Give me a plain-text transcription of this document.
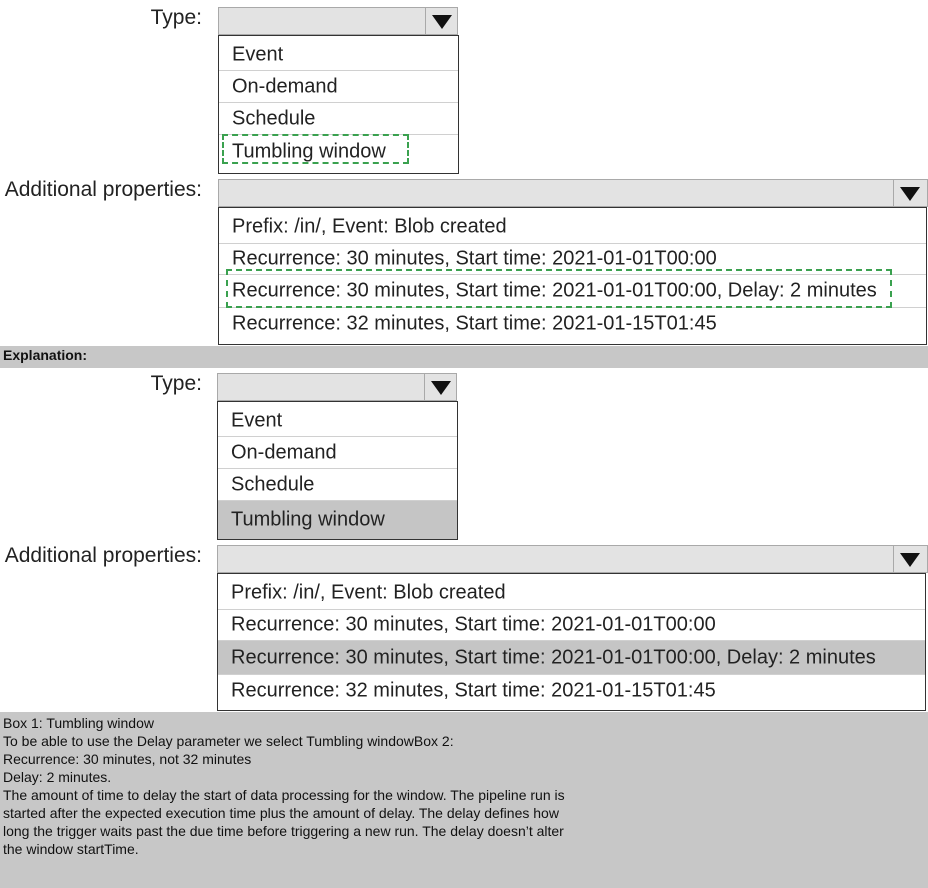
Type:
Event
On-demand
Schedule
Tumbling window
Additional properties:
Prefix: /in/, Event: Blob created
Recurrence: 30 minutes, Start time: 2021-01-01T00:00
Recurrence: 30 minutes, Start time: 2021-01-01T00:00, Delay: 2 minutes
Recurrence: 32 minutes, Start time: 2021-01-15T01:45
Explanation:
Type:
Event
On-demand
Schedule
Tumbling window
Additional properties:
Prefix: /in/, Event: Blob created
Recurrence: 30 minutes, Start time: 2021-01-01T00:00
Recurrence: 30 minutes, Start time: 2021-01-01T00:00, Delay: 2 minutes
Recurrence: 32 minutes, Start time: 2021-01-15T01:45
Box 1: Tumbling window
To be able to use the Delay parameter we select Tumbling windowBox 2:
Recurrence: 30 minutes, not 32 minutes
Delay: 2 minutes.
The amount of time to delay the start of data processing for the window. The pipeline run is
started after the expected execution time plus the amount of delay. The delay defines how
long the trigger waits past the due time before triggering a new run. The delay doesn’t alter
the window startTime.
